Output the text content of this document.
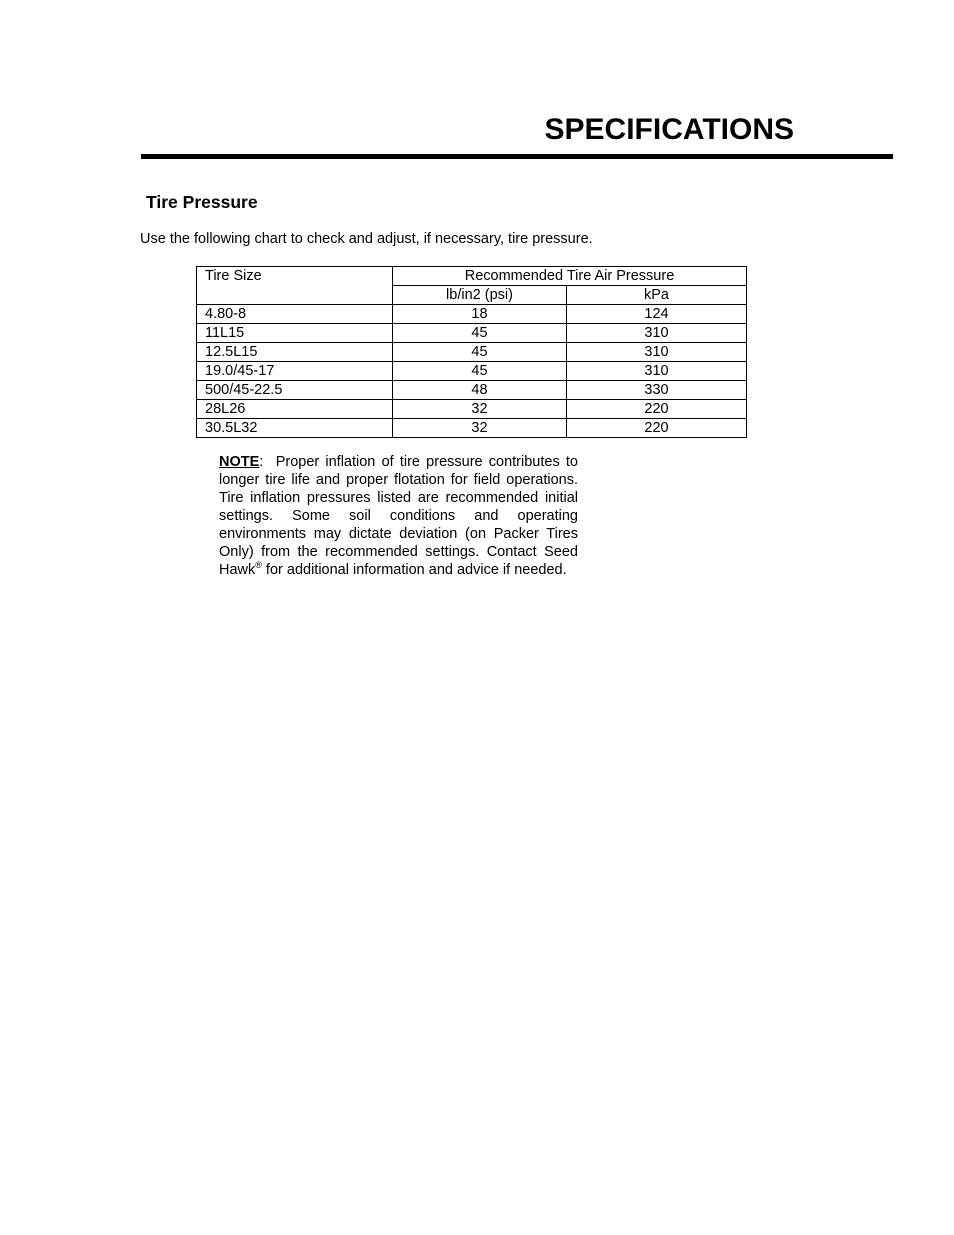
SPECIFICATIONS
Tire Pressure

Use the following chart to check and adjust, if necessary, tire pressure.

Tire Size	Recommended Tire Air Pressure	
	lb/in2 (psi)	kPa
4.80-8	18	124
11L15	45	310
12.5L15	45	310
19.0/45-17	45	310
500/45-22.5	48	330
28L26	32	220
30.5L32	32	220

NOTE:  Proper inflation of tire pressure contributes to longer tire life and proper flotation for field operations. Tire inflation pressures listed are recommended initial settings. Some soil conditions and operating environments may dictate deviation (on Packer Tires Only) from the recommended settings. Contact Seed Hawk® for additional information and advice if needed.
